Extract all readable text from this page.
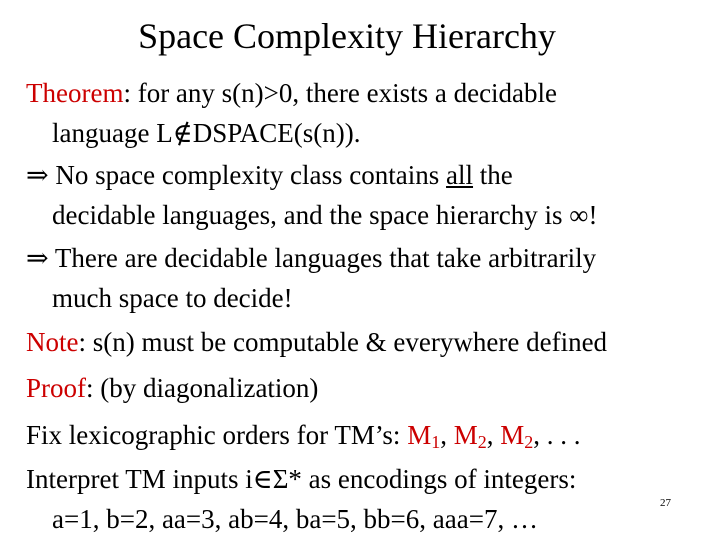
Space Complexity Hierarchy
Theorem: for any s(n)>0, there exists a decidable
language L∉DSPACE(s(n)).
⇒ No space complexity class contains all the
decidable languages, and the space hierarchy is ∞!
⇒ There are decidable languages that take arbitrarily
much space to decide!
Note: s(n) must be computable & everywhere defined
Proof: (by diagonalization)
Fix lexicographic orders for TM’s: $M_1$, $M_2$, $M_2$, . . .
Interpret TM inputs i∈Σ* as encodings of integers:
a=1, b=2, aa=3, ab=4, ba=5, bb=6, aaa=7, …
27
